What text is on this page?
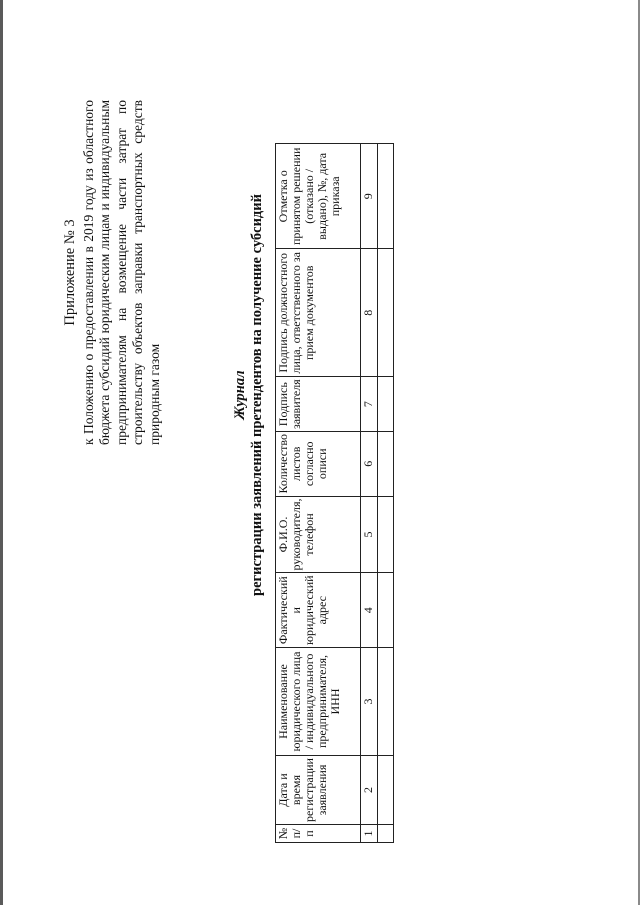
Приложение № 3 к Положению о предоставлении в 2019 году из областного бюджета субсидий юридическим лицам и индивидуальным предпринимателям на возмещение части затрат по строительству объектов заправки транспортных средств природным газом	Журнал регистрации заявлений претендентов на получение субсидий
№ п/п	Дата и время регистрации заявления	Наименование юридического лица / индивидуального предпринимателя, ИНН	Фактический и юридический адрес	Ф.И.О. руководителя, телефон	Количество листов согласно описи	Подпись заявителя	Подпись должностного лица, ответственного за прием документов	Отметка о принятом решении (отказано / выдано), №, дата приказа
1	2	3	4	5	6	7	8	9
